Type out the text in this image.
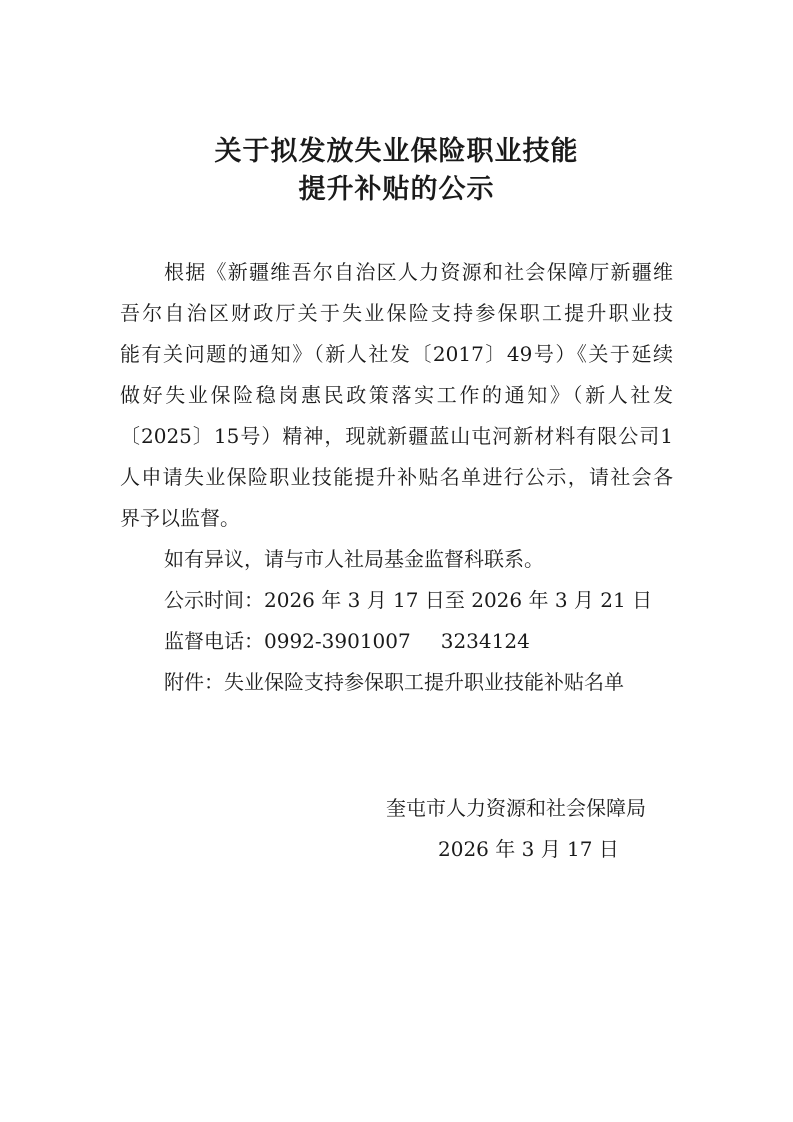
关于拟发放失业保险职业技能
提升补贴的公示
根据《新疆维吾尔自治区人力资源和社会保障厅新疆维
吾尔自治区财政厅关于失业保险支持参保职工提升职业技
能有关问题的通知》（新人社发〔2017〕49号）《关于延续
做好失业保险稳岗惠民政策落实工作的通知》（新人社发
〔2025〕15号）精神，现就新疆蓝山屯河新材料有限公司1
人申请失业保险职业技能提升补贴名单进行公示，请社会各
界予以监督。
如有异议，请与市人社局基金监督科联系。
公示时间：2026 年 3 月 17 日至 2026 年 3 月 21 日
监督电话：0992-3901007 3234124
附件：失业保险支持参保职工提升职业技能补贴名单
奎屯市人力资源和社会保障局
2026 年 3 月 17 日
